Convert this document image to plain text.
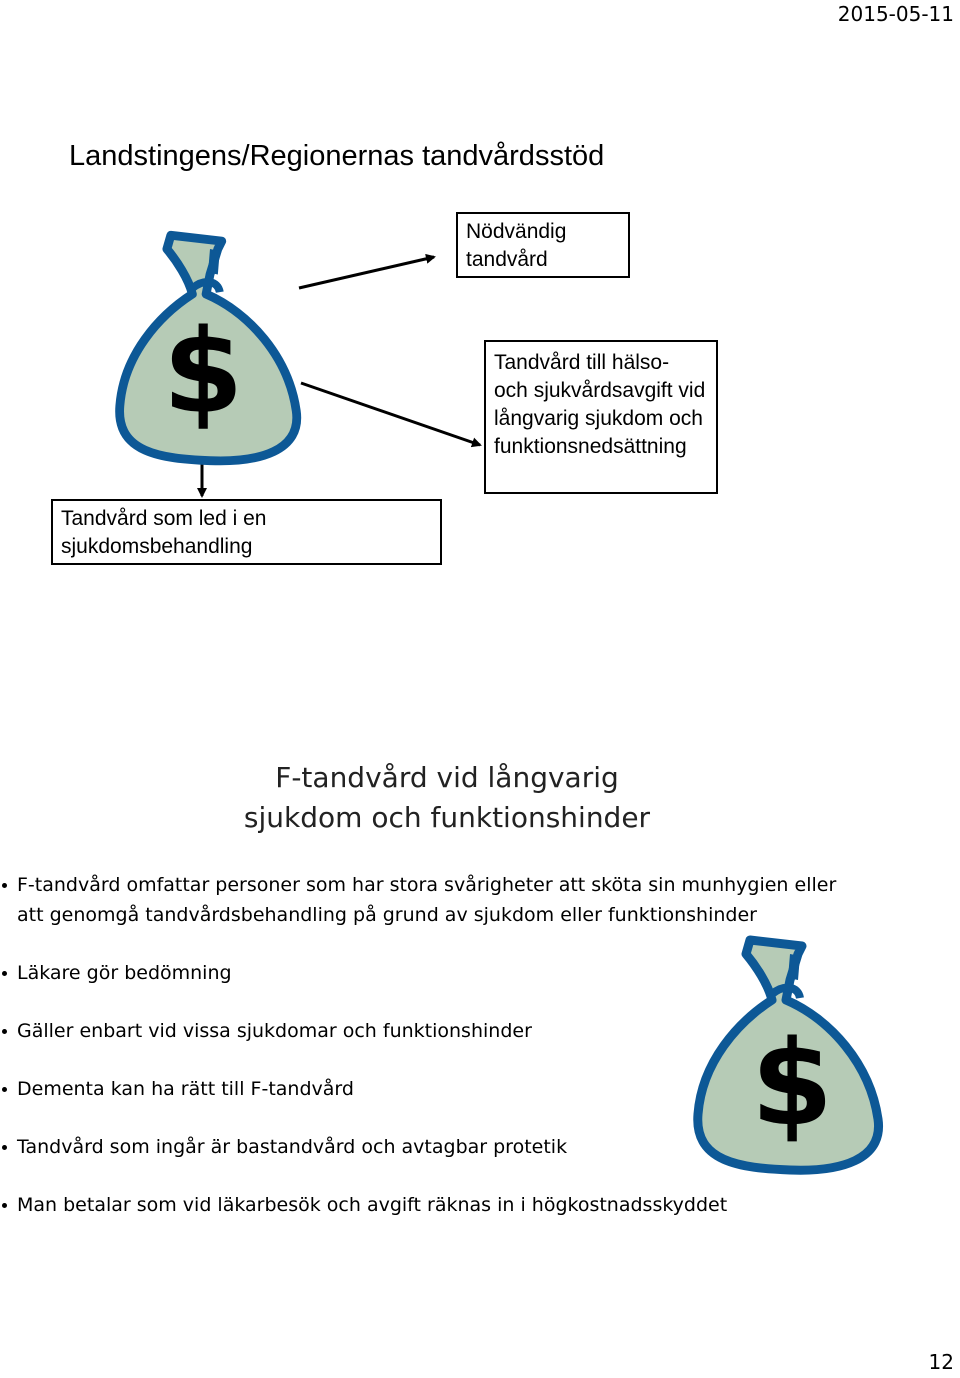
2015-05-11
Landstingens/Regionernas tandvårdsstöd
$
Nödvändig tandvård
Tandvård till hälso- och sjukvårdsavgift vid långvarig sjukdom och funktionsnedsättning
Tandvård som led i en sjukdomsbehandling
F-tandvård vid långvarig
sjukdom och funktionshinder
F-tandvård omfattar personer som har stora svårigheter att sköta sin munhygien eller att genomgå tandvårdsbehandling på grund av sjukdom eller funktionshinder
Läkare gör bedömning
Gäller enbart vid vissa sjukdomar och funktionshinder
Dementa kan ha rätt till F-tandvård
Tandvård som ingår är bastandvård och avtagbar protetik
Man betalar som vid läkarbesök och avgift räknas in i högkostnadsskyddet
$
12
